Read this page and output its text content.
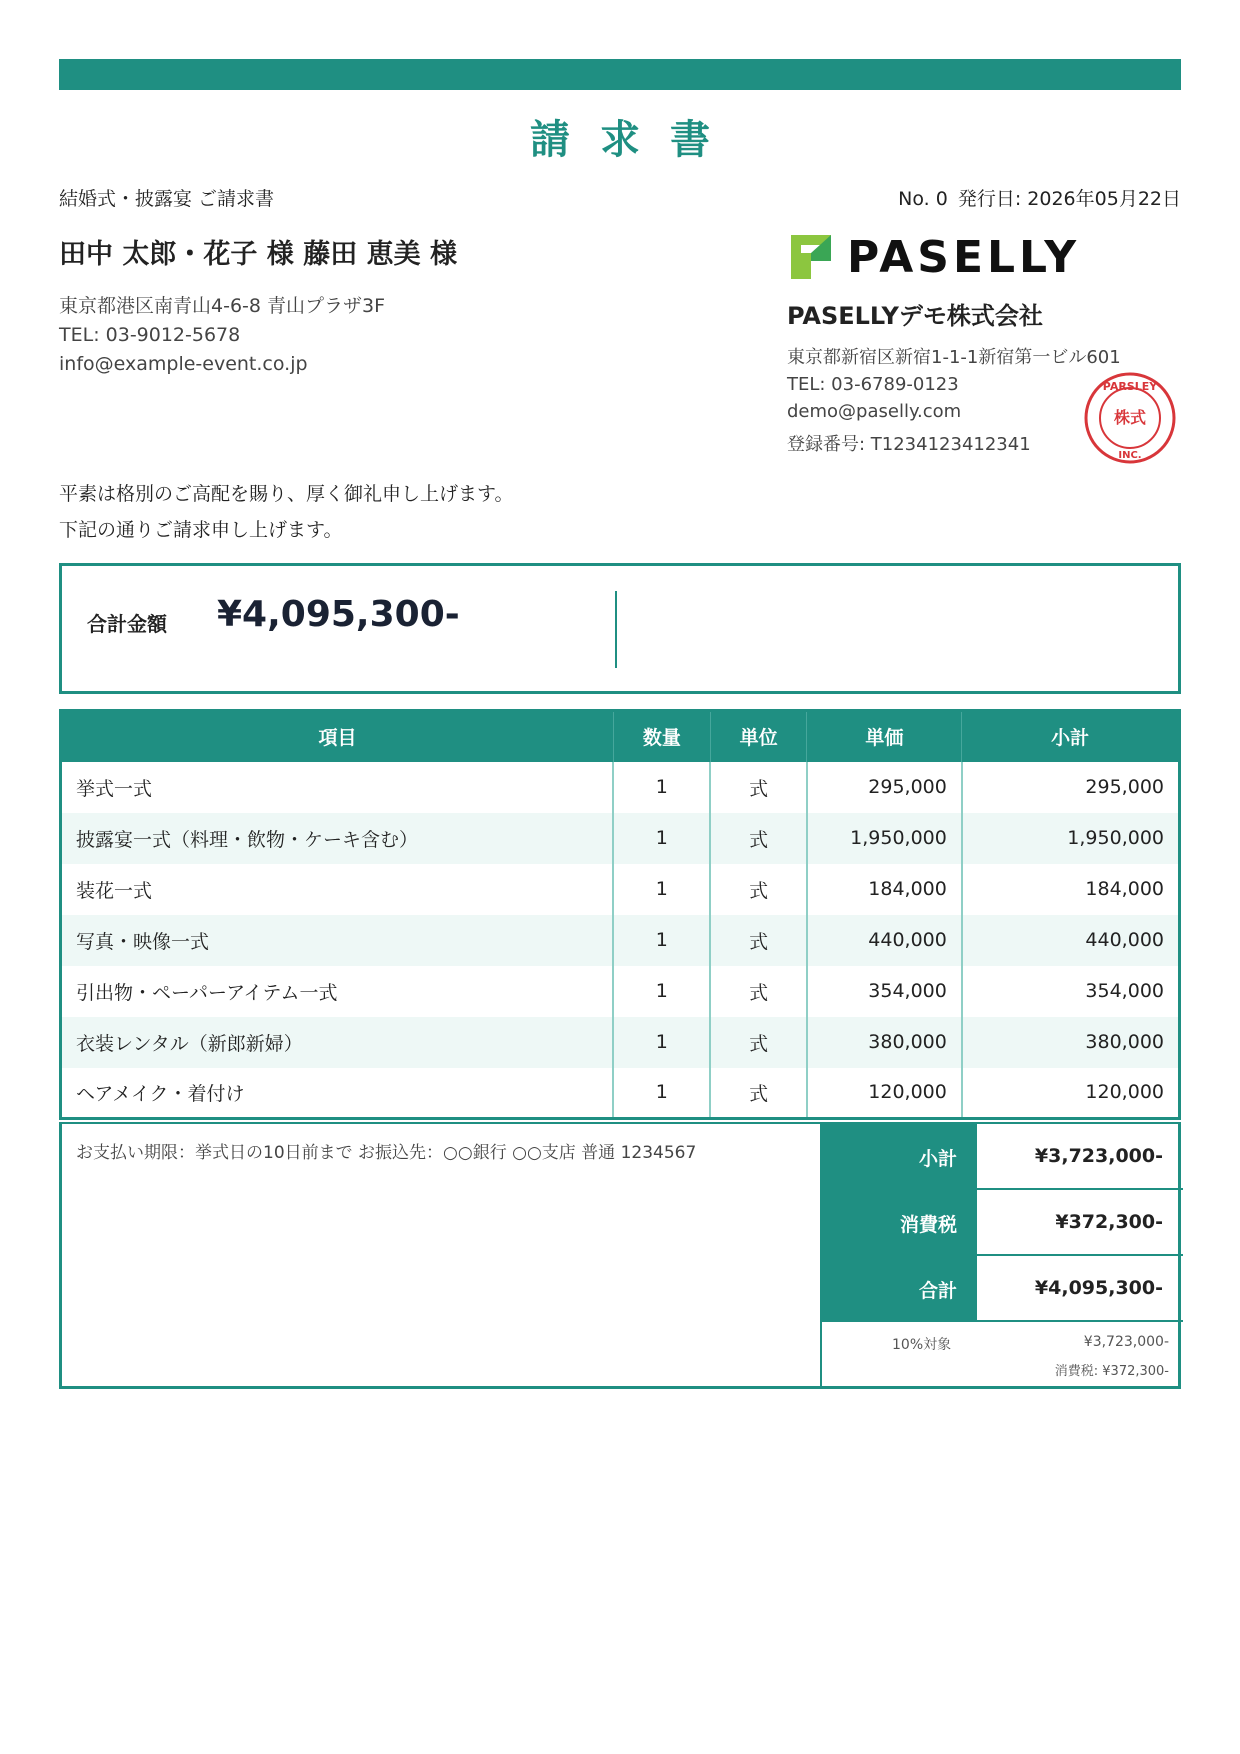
請求書
結婚式・披露宴 ご請求書	No. 0 発行日: 2026年05月22日
田中 太郎・花子 様 藤田 恵美 様
東京都港区南青山4-6-8 青山プラザ3F
TEL: 03-9012-5678
info@example-event.co.jp
PASELLY
PASELLYデモ株式会社
東京都新宿区新宿1-1-1新宿第一ビル601
TEL: 03-6789-0123
demo@paselly.com
登録番号: T1234123412341
PARSLEY
株式
INC.
平素は格別のご高配を賜り、厚く御礼申し上げます。
下記の通りご請求申し上げます。
合計金額 ¥4,095,300-
項目	数量	単位	単価	小計
挙式一式	1	式	295,000	295,000
披露宴一式（料理・飲物・ケーキ含む）	1	式	1,950,000	1,950,000
装花一式	1	式	184,000	184,000
写真・映像一式	1	式	440,000	440,000
引出物・ペーパーアイテム一式	1	式	354,000	354,000
衣装レンタル（新郎新婦）	1	式	380,000	380,000
ヘアメイク・着付け	1	式	120,000	120,000
お支払い期限：挙式日の10日前まで お振込先：○○銀行 ○○支店 普通 1234567	小計	¥3,723,000-
消費税	¥372,300-
合計	¥4,095,300-
10%対象	¥3,723,000-
消費税: ¥372,300-
